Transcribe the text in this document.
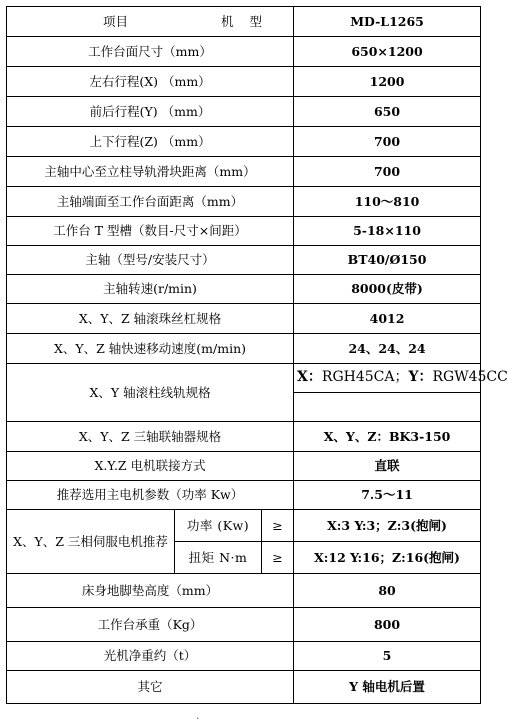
项目 机 型			MD-L1265
工作台面尺寸（mm）			650×1200
左右行程(X) （mm）			1200
前后行程(Y) （mm）			650
上下行程(Z) （mm）			700
主轴中心至立柱导轨滑块距离（mm）			700
主轴端面至工作台面距离（mm）			110～810
工作台 T 型槽（数目-尺寸×间距）			5-18×110
主轴（型号/安装尺寸）			BT40/Ø150
主轴转速(r/min)			8000(皮带)
X、Y、Z 轴滚珠丝杠规格			4012
X、Y、Z 轴快速移动速度(m/min)			24、24、24
X、Y 轴滚柱线轨规格			X：RGH45CA；Y：RGW45CC

X、Y、Z 三轴联轴器规格			X、Y、Z：BK3-150
X.Y.Z 电机联接方式			直联
推荐选用主电机参数（功率 Kw）			7.5～11
X、Y、Z 三相伺服电机推荐	功率 (Kw)	≥	X:3 Y:3；Z:3(抱闸)
	扭矩 N·m	≥	X:12 Y:16；Z:16(抱闸)
床身地脚垫高度（mm）			80
工作台承重（Kg）			800
光机净重约（t）			5
其它			Y 轴电机后置
·
